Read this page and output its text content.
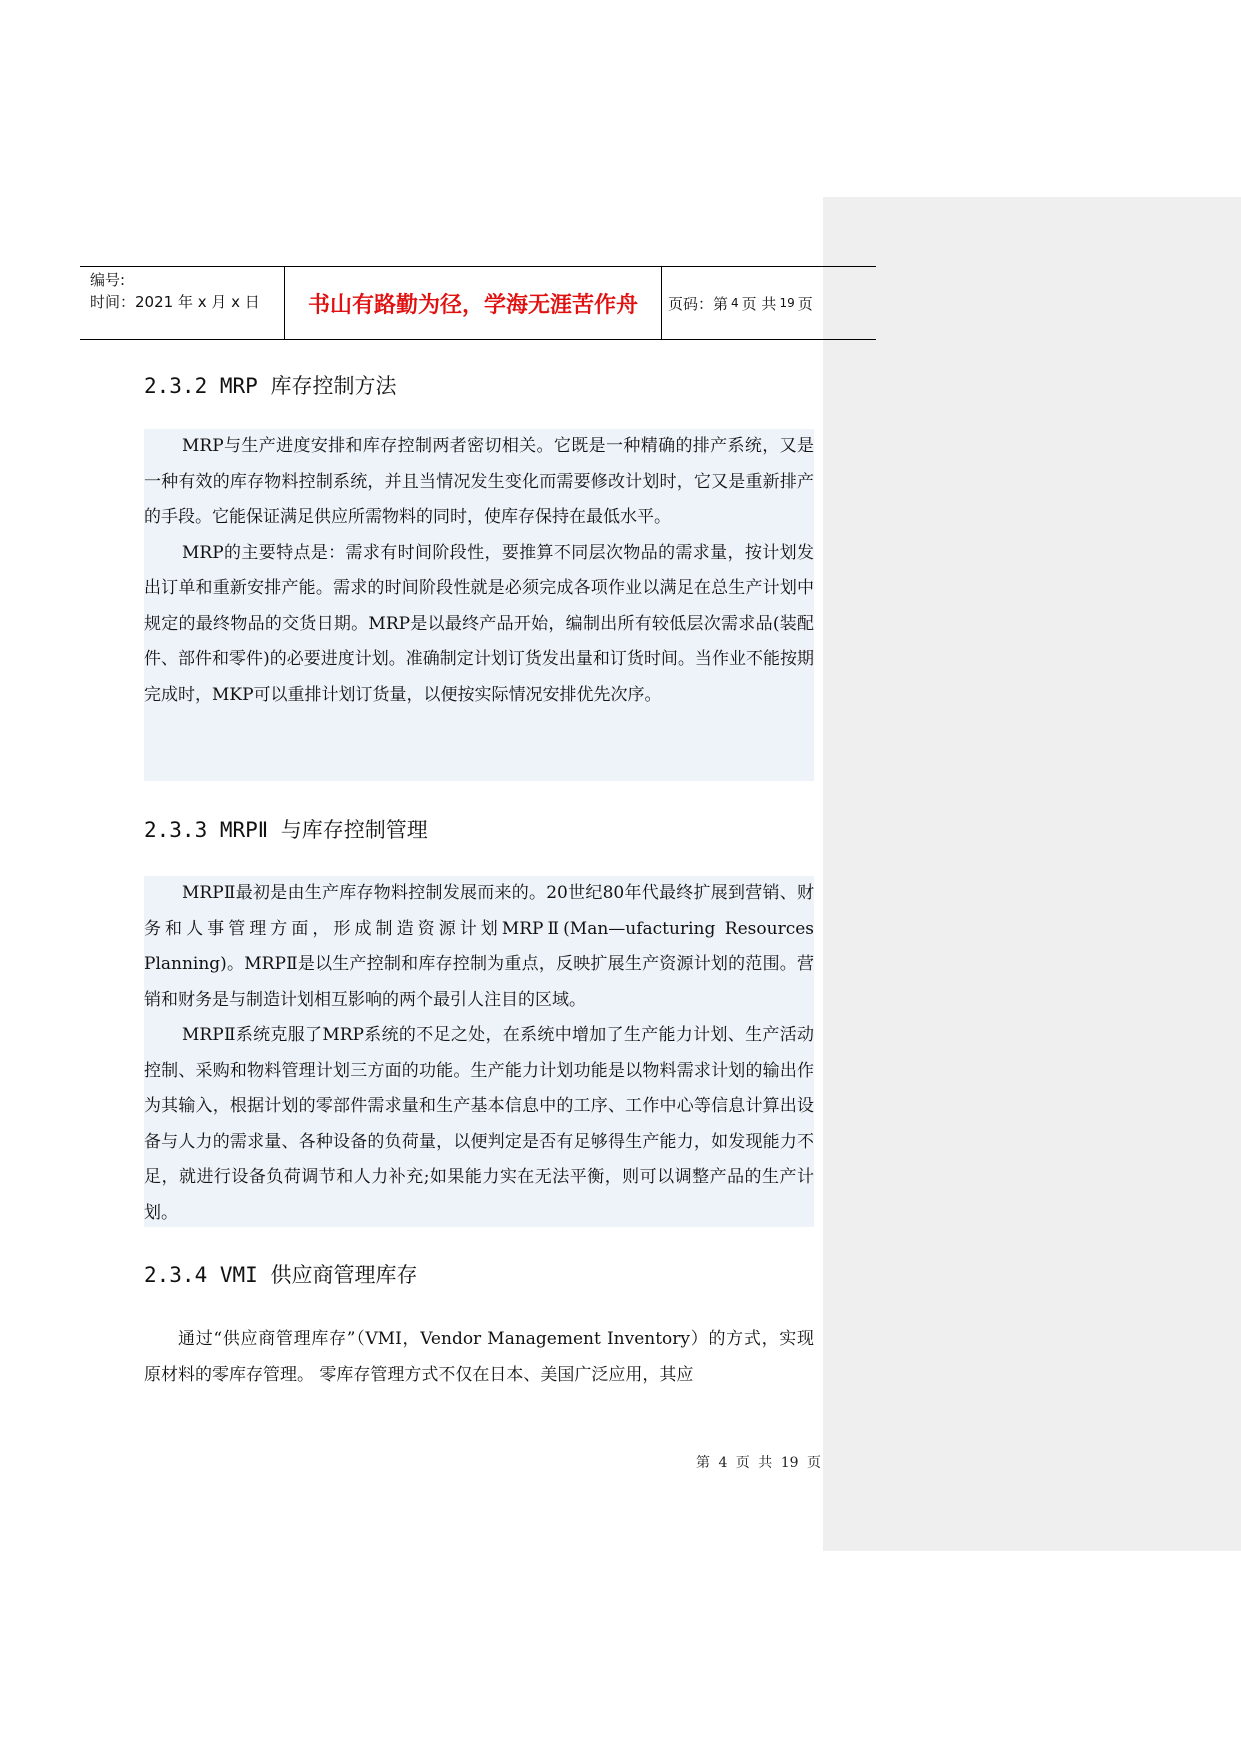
编号:
时间：2021 年 x 月 x 日	书山有路勤为径，学海无涯苦作舟 页码：第 4 页 共 19 页
2.3.2 MRP 库存控制方法

MRP与生产进度安排和库存控制两者密切相关。它既是一种精确的排产系统，又是一种有效的库存物料控制系统，并且当情况发生变化而需要修改计划时，它又是重新排产的手段。它能保证满足供应所需物料的同时，使库存保持在最低水平。

MRP的主要特点是：需求有时间阶段性，要推算不同层次物品的需求量，按计划发出订单和重新安排产能。需求的时间阶段性就是必须完成各项作业以满足在总生产计划中规定的最终物品的交货日期。MRP是以最终产品开始，编制出所有较低层次需求品(装配件、部件和零件)的必要进度计划。准确制定计划订货发出量和订货时间。当作业不能按期完成时，MKP可以重排计划订货量，以便按实际情况安排优先次序。

2.3.3 MRPⅡ 与库存控制管理

MRPⅡ最初是由生产库存物料控制发展而来的。20世纪80年代最终扩展到营销、财务和人事管理方面，形成制造资源计划MRPⅡ(Man—ufacturing Resources Planning)。MRPⅡ是以生产控制和库存控制为重点，反映扩展生产资源计划的范围。营销和财务是与制造计划相互影响的两个最引人注目的区域。

MRPⅡ系统克服了MRP系统的不足之处，在系统中增加了生产能力计划、生产活动控制、采购和物料管理计划三方面的功能。生产能力计划功能是以物料需求计划的输出作为其输入，根据计划的零部件需求量和生产基本信息中的工序、工作中心等信息计算出设备与人力的需求量、各种设备的负荷量，以便判定是否有足够得生产能力，如发现能力不足，就进行设备负荷调节和人力补充;如果能力实在无法平衡，则可以调整产品的生产计划。

2.3.4 VMI 供应商管理库存

通过“供应商管理库存”（VMI，Vendor Management Inventory）的方式，实现原材料的零库存管理。 零库存管理方式不仅在日本、美国广泛应用，其应

第 4 页 共 19 页
